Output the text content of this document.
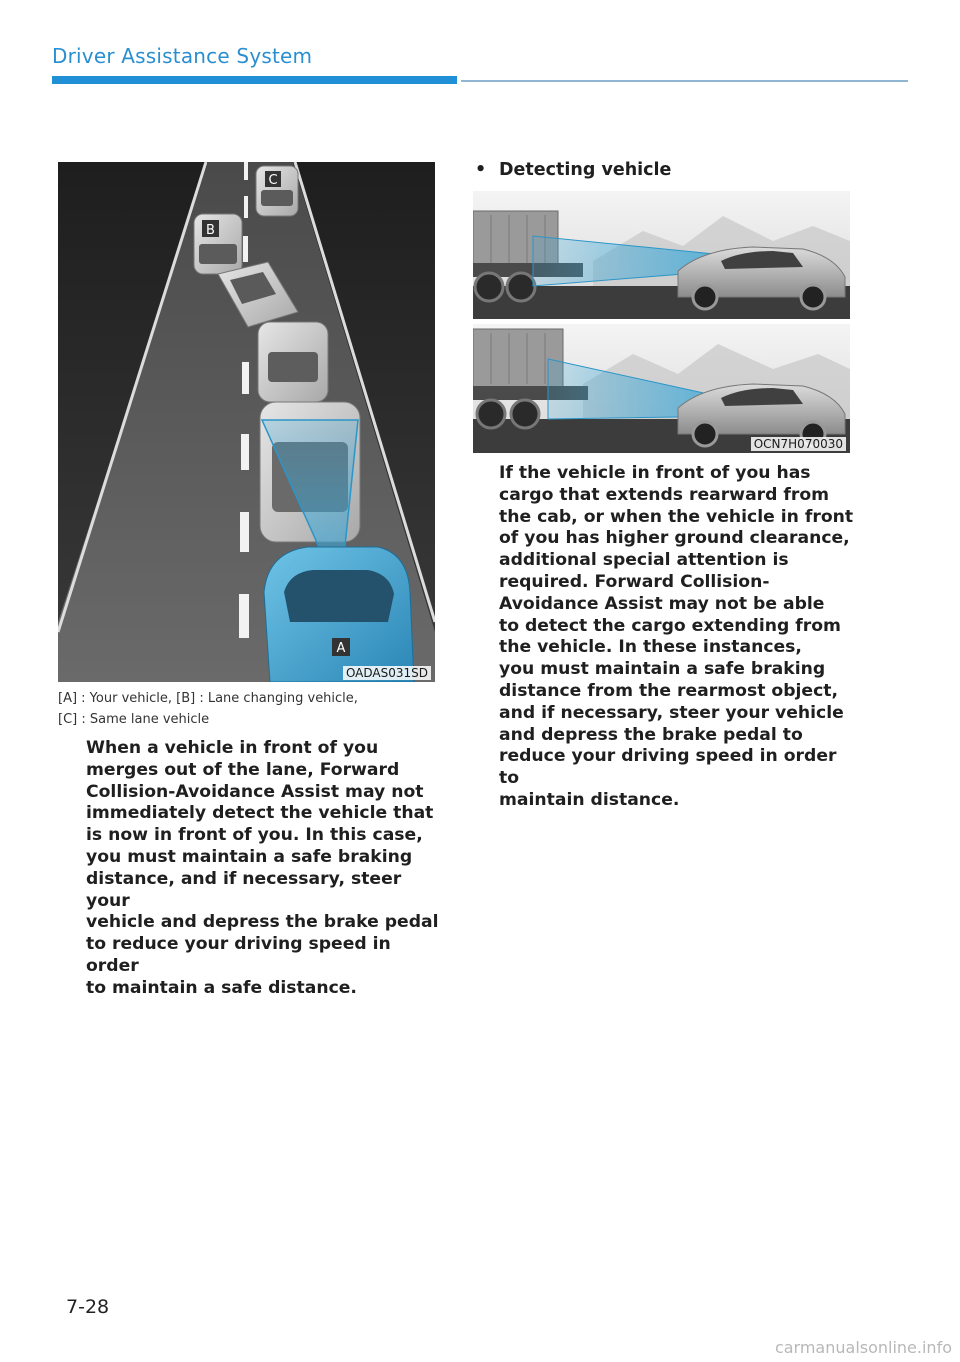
Driver Assistance System
C
B
A
OADAS031SD
[A] : Your vehicle, [B] : Lane changing vehicle,
[C] : Same lane vehicle
When a vehicle in front of you
merges out of the lane, Forward
Collision-Avoidance Assist may not
immediately detect the vehicle that
is now in front of you. In this case,
you must maintain a safe braking
distance, and if necessary, steer your
vehicle and depress the brake pedal
to reduce your driving speed in order
to maintain a safe distance.
• Detecting vehicle
OCN7H070030
If the vehicle in front of you has
cargo that extends rearward from
the cab, or when the vehicle in front
of you has higher ground clearance,
additional special attention is
required. Forward Collision-
Avoidance Assist may not be able
to detect the cargo extending from
the vehicle. In these instances,
you must maintain a safe braking
distance from the rearmost object,
and if necessary, steer your vehicle
and depress the brake pedal to
reduce your driving speed in order to
maintain distance.
7-28
carmanualsonline.info
